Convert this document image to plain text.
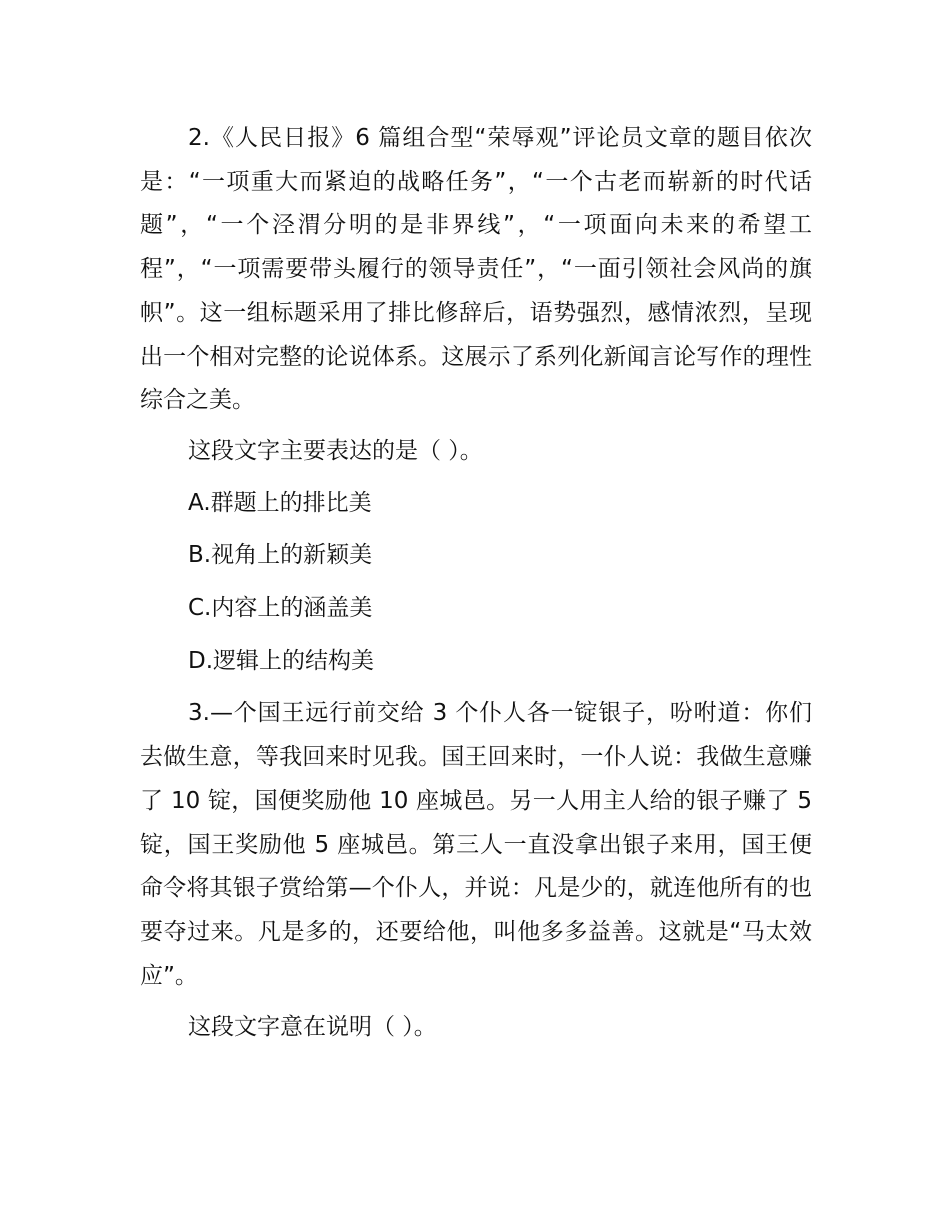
2.《人民日报》6 篇组合型“荣辱观”评论员文章的题目依次是：“一项重大而紧迫的战略任务”，“一个古老而崭新的时代话题”，“一个泾渭分明的是非界线”，“一项面向未来的希望工程”，“一项需要带头履行的领导责任”，“一面引领社会风尚的旗帜”。这一组标题采用了排比修辞后，语势强烈，感情浓烈，呈现出一个相对完整的论说体系。这展示了系列化新闻言论写作的理性综合之美。

这段文字主要表达的是（ ）。

A.群题上的排比美

B.视角上的新颖美

C.内容上的涵盖美

D.逻辑上的结构美

3.—个国王远行前交给 3 个仆人各一锭银子，吩咐道：你们去做生意，等我回来时见我。国王回来时，一仆人说：我做生意赚了 10 锭，国便奖励他 10 座城邑。另一人用主人给的银子赚了 5 锭，国王奖励他 5 座城邑。第三人一直没拿出银子来用，国王便命令将其银子赏给第—个仆人，并说：凡是少的，就连他所有的也要夺过来。凡是多的，还要给他，叫他多多益善。这就是“马太效应”。

这段文字意在说明（ ）。
